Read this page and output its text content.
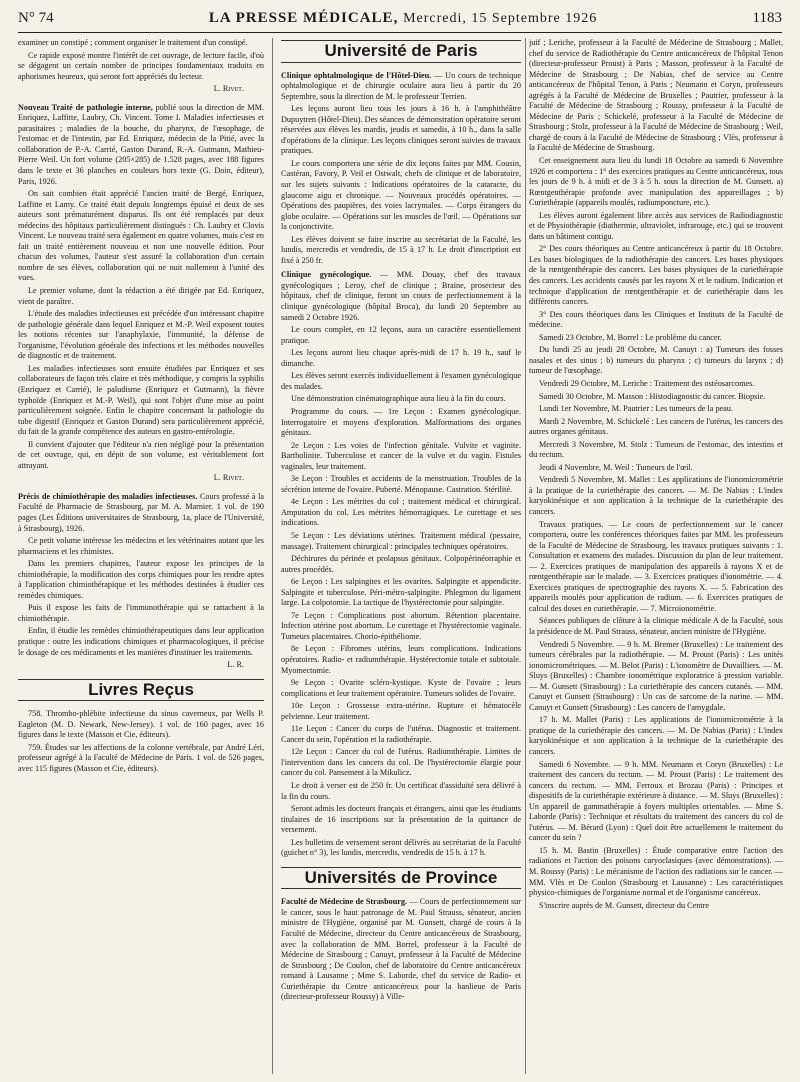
N° 74	LA PRESSE MÉDICALE, Mercredi, 15 Septembre 1926	1183

examiner un constipé ; comment organiser le traitement d'un constipé.

Ce rapide exposé montre l'intérêt de cet ouvrage, de lecture facile, d'où se dégagent un certain nombre de principes fondamentaux traduits en aphorismes heureux, qui seront fort appréciés du lecteur.

L. Rivet.

Nouveau Traité de pathologie interne, publié sous la direction de MM. Enriquez, Laffitte, Laubry, Ch. Vincent. Tome I. Maladies infectieuses et parasitaires ; maladies de la bouche, du pharynx, de l'œsophage, de l'estomac et de l'intestin, par Ed. Enriquez, médecin de la Pitié, avec la collaboration de P.-A. Carrié, Gaston Durand, R.-A. Gutmann, Mathieu-Pierre Weil. Un fort volume (205×285) de 1.528 pages, avec 188 figures dans le texte et 36 planches en couleurs hors texte (G. Doin, éditeur), Paris, 1926.

On sait combien était apprécié l'ancien traité de Bergé, Enriquez, Laffitte et Lamy. Ce traité était depuis longtemps épuisé et deux de ses auteurs sont prématurément disparus. Ils ont été remplacés par deux médecins des hôpitaux particulièrement distingués : Ch. Laubry et Clovis Vincent. Le nouveau traité sera également en quatre volumes, mais c'est en fait un traité entièrement nouveau et non une nouvelle édition. Pour chacun des volumes, l'auteur s'est assuré la collaboration d'un certain nombre de ses élèves, collaboration qui ne nuit nullement à l'unité des vues.

Le premier volume, dont la rédaction a été dirigée par Ed. Enriquez, vient de paraître.

L'étude des maladies infectieuses est précédée d'un intéressant chapitre de pathologie générale dans lequel Enriquez et M.-P. Weil exposent toutes les notions récentes sur l'anaphylaxie, l'immunité, la défense de l'organisme, l'évolution générale des infections et les méthodes nouvelles de diagnostic et de traitement.

Les maladies infectieuses sont ensuite étudiées par Enriquez et ses collaborateurs de façon très claire et très méthodique, y compris la syphilis (Enriquez et Carrié), le paludisme (Enriquez et Gutmann), la fièvre typhoïde (Enriquez et M.-P. Weil), qui sont l'objet d'une mise au point particulièrement soignée. Enfin le chapitre concernant la pathologie du tube digestif (Enriquez et Gaston Durand) sera particulièrement apprécié, du fait de la grande compétence des auteurs en gastro-entérologie.

Il convient d'ajouter que l'éditeur n'a rien négligé pour la présentation de cet ouvrage, qui, en dépit de son volume, est véritablement fort attrayant.

L. Rivet.

Précis de chimiothérapie des maladies infectieuses. Cours professé à la Faculté de Pharmacie de Strasbourg, par M. A. Marnier. 1 vol. de 190 pages (Les Éditions universitaires de Strasbourg, 1a, place de l'Université, à Strasbourg), 1926.

Ce petit volume intéresse les médecins et les vétérinaires autant que les pharmaciens et les chimistes.

Dans les premiers chapitres, l'auteur expose les principes de la chimiothérapie, la modification des corps chimiques pour les rendre aptes à l'application chimiothérapique et les méthodes destinées à étudier ces remèdes chimiques.

Puis il expose les faits de l'immunothérapie qui se rattachent à la chimiothérapie.

Enfin, il étudie les remèdes chimiothérapeutiques dans leur application pratique : outre les indications chimiques et pharmacologiques, il précise le dosage de ces médicaments et les manières d'instituer les traitements.

L. R.
Livres Reçus

758. Thrombo-phlébite infectieuse du sinus caverneux, par Wells P. Eagleton (M. D. Newark, New-Jersey). 1 vol. de 160 pages, avec 16 figures dans le texte (Masson et Cie, éditeurs).

759. Études sur les affections de la colonne vertébrale, par André Léri, professeur agrégé à la Faculté de Médecine de Paris. 1 vol. de 526 pages, avec 115 figures (Masson et Cie, éditeurs).

Université de Paris

Clinique ophtalmologique de l'Hôtel-Dieu. — Un cours de technique ophtalmologique et de chirurgie oculaire aura lieu à partir du 20 Septembre, sous la direction de M. le professeur Terrien.

Les leçons auront lieu tous les jours à 16 h. à l'amphithéâtre Dupuytren (Hôtel-Dieu). Des séances de démonstration opératoire seront réservées aux élèves les mardis, jeudis et samedis, à 10 h., dans la salle d'opérations de la clinique. Les leçons cliniques seront suivies de travaux pratiques.

Le cours comportera une série de dix leçons faites par MM. Cousin, Castéran, Favory, P. Veil et Ostwalt, chefs de clinique et de laboratoire, sur les sujets suivants : Indications opératoires de la cataracte, du glaucome aigu et chronique. — Nouveaux procédés opératoires. — Opérations des paupières, des voies lacrymales. — Corps étrangers du globe oculaire. — Opérations sur les muscles de l'œil. — Opérations sur la conjonctivite.

Les élèves doivent se faire inscrire au secrétariat de la Faculté, les lundis, mercredis et vendredis, de 15 à 17 h. Le droit d'inscription est fixé à 250 fr.

Clinique gynécologique. — MM. Douay, chef des travaux gynécologiques ; Leroy, chef de clinique ; Braine, prosecteur des hôpitaux, chef de clinique, feront un cours de perfectionnement à la clinique gynécologique (hôpital Broca), du lundi 20 Septembre au samedi 2 Octobre 1926.

Le cours complet, en 12 leçons, aura un caractère essentiellement pratique.

Les leçons auront lieu chaque après-midi de 17 h. 19 h., sauf le dimanche.

Les élèves seront exercés individuellement à l'examen gynécologique des malades.

Une démonstration cinématographique aura lieu à la fin du cours.

Programme du cours. — 1re Leçon : Examen gynécologique. Interrogatoire et moyens d'exploration. Malformations des organes génitaux.

2e Leçon : Les voies de l'infection génitale. Vulvite et vaginite. Bartholinite. Tuberculose et cancer de la vulve et du vagin. Fistules vaginales, leur traitement.

3e Leçon : Troubles et accidents de la menstruation. Troubles de la sécrétion interne de l'ovaire. Puberté. Ménopause. Castration. Stérilité.

4e Leçon : Les métrites du col ; traitement médical et chirurgical. Amputation du col. Les métrites hémorragiques. Le curettage et ses indications.

5e Leçon : Les déviations utérines. Traitement médical (pessaire, massage). Traitement chirurgical : principales techniques opératoires.

Déchirures du périnée et prolapsus génitaux. Colpopérinéorraphie et autres procédés.

6e Leçon : Les salpingites et les ovarites. Salpingite et appendicite. Salpingite et tuberculose. Péri-métro-salpingite. Phlegmon du ligament large. La colpotomie. La tactique de l'hystérectomie pour salpingite.

7e Leçon : Complications post abortum. Rétention placentaire. Infection utérine post abortum. Le curettage et l'hystérectomie vaginale. Tumeurs placentaires. Chorio-épithéliome.

8e Leçon : Fibromes utérins, leurs complications. Indications opératoires. Radio- et radiumthérapie. Hystérectomie totale et subtotale. Myomectomie.

9e Leçon : Ovarite scléro-kystique. Kyste de l'ovaire ; leurs complications et leur traitement opératoire. Tumeurs solides de l'ovaire.

10e Leçon : Grossesse extra-utérine. Rupture et hématocèle pelvienne. Leur traitement.

11e Leçon : Cancer du corps de l'utérus. Diagnostic et traitement. Cancer du sein, l'opération et la radiothérapie.

12e Leçon : Cancer du col de l'utérus. Radiumthérapie. Limites de l'intervention dans les cancers du col. De l'hystérectomie élargie pour cancer du col. Pansement à la Mikulicz.

Le droit à verser est de 250 fr. Un certificat d'assiduité sera délivré à la fin du cours.

Seront admis les docteurs français et étrangers, ainsi que les étudiants titulaires de 16 inscriptions sur la présentation de la quittance de versement.

Les bulletins de versement seront délivrés au secrétariat de la Faculté (guichet n° 3), les lundis, mercredis, vendredis de 15 h. à 17 h.

Universités de Province

Faculté de Médecine de Strasbourg. — Cours de perfectionnement sur le cancer, sous le haut patronage de M. Paul Strauss, sénateur, ancien ministre de l'Hygiène, organisé par M. Gunsett, chargé de cours à la Faculté de Médecine, directeur du Centre anticancéreux de Strasbourg, avec la collaboration de MM. Borrel, professeur à la Faculté de Médecine de Strasbourg ; Canuyt, professeur à la Faculté de Médecine de Strasbourg ; De Coulon, chef de laboratoire du Centre anticancéreux romand à Lausanne ; Mme S. Laborde, chef du service de Radio- et Curiethérapie du Centre anticancéreux pour la banlieue de Paris (directeur-professeur Roussy) à Ville-

juif ; Leriche, professeur à la Faculté de Médecine de Strasbourg ; Mallet, chef du service de Radiothérapie du Centre anticancéreux de l'hôpital Tenon (directeur-professeur Proust) à Paris ; Masson, professeur à la Faculté de Médecine de Strasbourg ; De Nabias, chef de service au Centre anticancéreux de l'hôpital Tenon, à Paris ; Neumann et Coryn, professeurs agrégés à la Faculté de Médecine de Bruxelles ; Pautrier, professeur à la Faculté de Médecine de Strasbourg ; Roussy, professeur à la Faculté de Médecine de Paris ; Schickelé, professeur à la Faculté de Médecine de Strasbourg ; Stolz, professeur à la Faculté de Médecine de Strasbourg ; Weil, chargé de cours à la Faculté de Médecine de Strasbourg ; Vlès, professeur à la Faculté de Médecine de Strasbourg.

Cet enseignement aura lieu du lundi 18 Octobre au samedi 6 Novembre 1926 et comportera : 1° des exercices pratiques au Centre anticancéreux, tous les jours de 9 h. à midi et de 3 à 5 h. sous la direction de M. Gunsett. a) Rœntgenthérapie profonde avec manipulation des appareillages ; b) Curiethérapie (appareils moulés, radiumponcture, etc.).

Les élèves auront également libre accès aux services de Radiodiagnostic et de Physiothérapie (diathermie, ultraviolet, infrarouge, etc.) qui se trouvent dans un bâtiment contigu.

2° Des cours théoriques au Centre anticancéreux à partir du 18 Octobre. Les bases biologiques de la radiothérapie des cancers. Les bases physiques de la rœntgenthérapie des cancers. Les bases physiques de la curiethérapie des cancers. Les accidents causés par les rayons X et le radium. Indication et technique d'application de rœntgenthérapie et de curiethérapie dans les différents cancers.

3° Des cours théoriques dans les Cliniques et Instituts de la Faculté de médecine.

Samedi 23 Octobre, M. Borrel : Le problème du cancer.

Du lundi 25 au jeudi 28 Octobre, M. Canuyt : a) Tumeurs des fosses nasales et des sinus ; b) tumeurs du pharynx ; c) tumeurs du larynx ; d) tumeur de l'œsophage.

Vendredi 29 Octobre, M. Leriche : Traitement des ostéosarcomes.

Samedi 30 Octobre, M. Masson : Histodiagnostic du cancer. Biopsie.

Lundi 1er Novembre, M. Pautrier : Les tumeurs de la peau.

Mardi 2 Novembre, M. Schickelé : Les cancers de l'utérus, les cancers des autres organes génitaux.

Mercredi 3 Novembre, M. Stolz : Tumeurs de l'estomac, des intestins et du rectum.

Jeudi 4 Novembre, M. Weil : Tumeurs de l'œil.

Vendredi 5 Novembre, M. Mallet : Les applications de l'ionomicrométrie à la pratique de la curiethérapie des cancers. — M. De Nabias : L'index karyokinésique et son application à la technique de la curiethérapie des cancers.

Travaux pratiques. — Le cours de perfectionnement sur le cancer comportera, outre les conférences théoriques faites par MM. les professeurs de la Faculté de Médecine de Strasbourg, les travaux pratiques suivants : 1. Consultation et examens des malades. Discussion du plan de leur traitement. — 2. Exercices pratiques de manipulation des appareils à rayons X et de rœntgenthérapie sur le malade. — 3. Exercices pratiques d'ionométrie. — 4. Exercices pratiques de spectrographie des rayons X. — 5. Fabrication des appareils moulés pour application de radium. — 6. Exercices pratiques de calcul des doses en curiethérapie. — 7. Microionométrie.

Séances publiques de clôture à la clinique médicale A de la Faculté, sous la présidence de M. Paul Strauss, sénateur, ancien ministre de l'Hygiène.

Vendredi 5 Novembre. — 9 h. M. Bremer (Bruxelles) : Le traitement des tumeurs cérébrales par la radiothérapie. — M. Proust (Paris) : Les unités ionomicrométriques. — M. Belot (Paris) : L'ionomètre de Duvailliers. — M. Sluys (Bruxelles) : Chambre ionométrique exploratrice à pression variable. — M. Gunsett (Strasbourg) : La curiethérapie des cancers cutanés. — MM. Canuyt et Gunsett (Strasbourg) : Un cas de sarcome de la narine. — MM. Canuyt et Gunsett (Strasbourg) : Les cancers de l'amygdale.

17 h. M. Mallet (Paris) : Les applications de l'ionomicrométrie à la pratique de la curiethérapie des cancers. — M. De Nabias (Paris) : L'index karyokinésique et son application à la technique de la curiethérapie des cancers.

Samedi 6 Novembre. — 9 h. MM. Neumann et Coryn (Bruxelles) : Le traitement des cancers du rectum. — M. Proust (Paris) : Le traitement des cancers du rectum. — MM. Ferroux et Brozau (Paris) : Principes et dispositifs de la curiethérapie extérieure à distance. — M. Sluys (Bruxelles) : Un appareil de gammathérapie à foyers multiples orientables. — Mme S. Laborde (Paris) : Technique et résultats du traitement des cancers du col de l'utérus. — M. Bérard (Lyon) : Quel doit être actuellement le traitement du cancer du sein ?

15 h. M. Bastin (Bruxelles) : Étude comparative entre l'action des radiations et l'action des poisons caryoclasiques (avec démonstrations). — M. Roussy (Paris) : Le mécanisme de l'action des radiations sur le cancer. — MM. Vlès et De Coulon (Strasbourg et Lausanne) : Les caractéristiques physico-chimiques de l'organisme normal et de l'organisme cancéreux.

S'inscrire auprès de M. Gunsett, directeur du Centre
